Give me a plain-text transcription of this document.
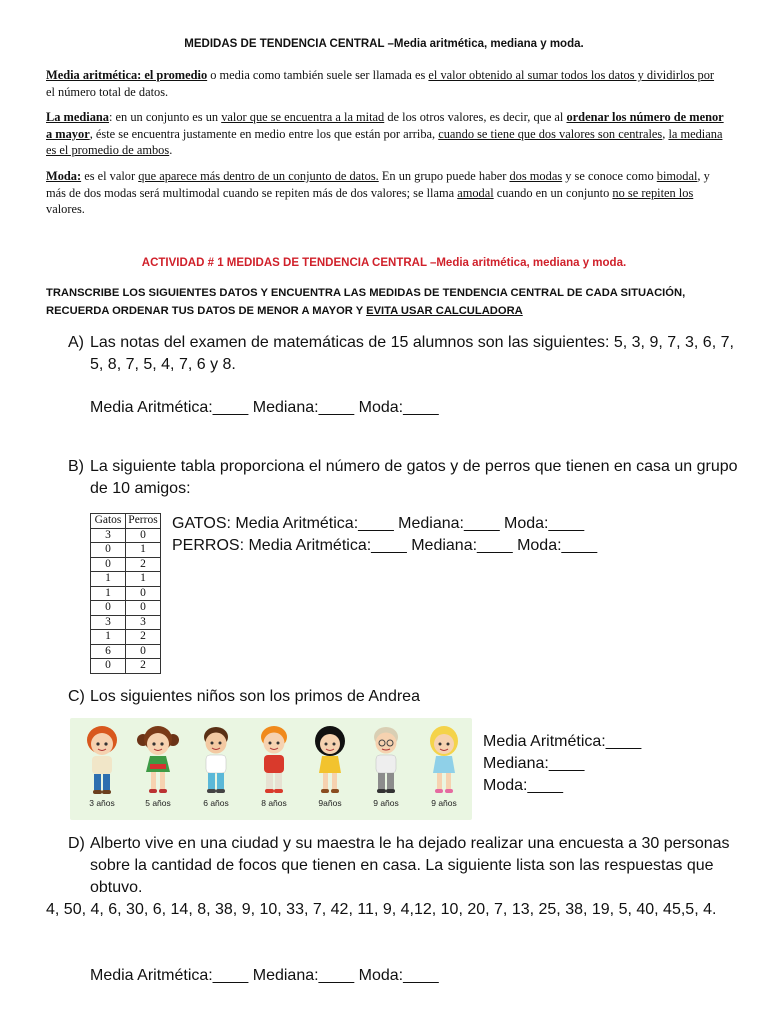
MEDIDAS DE TENDENCIA CENTRAL –Media aritmética, mediana y moda.

Media aritmética: el promedio o media como también suele ser llamada es el valor obtenido al sumar todos los datos y dividirlos por el número total de datos.

La mediana: en un conjunto es un valor que se encuentra a la mitad de los otros valores, es decir, que al ordenar los número de menor a mayor, éste se encuentra justamente en medio entre los que están por arriba, cuando se tiene que dos valores son centrales, la mediana es el promedio de ambos.

Moda: es el valor que aparece más dentro de un conjunto de datos. En un grupo puede haber dos modas y se conoce como bimodal, y más de dos modas será multimodal cuando se repiten más de dos valores; se llama amodal cuando en un conjunto no se repiten los valores.

ACTIVIDAD # 1 MEDIDAS DE TENDENCIA CENTRAL –Media aritmética, mediana y moda.
TRANSCRIBE LOS SIGUIENTES DATOS Y ENCUENTRA LAS MEDIDAS DE TENDENCIA CENTRAL DE CADA SITUACIÓN,
RECUERDA ORDENAR TUS DATOS DE MENOR A MAYOR Y EVITA USAR CALCULADORA
A) Las notas del examen de matemáticas de 15 alumnos son las siguientes: 5, 3, 9, 7, 3, 6, 7, 5, 8, 7, 5, 4, 7, 6 y 8.
Media Aritmética:____ Mediana:____ Moda:____
B) La siguiente tabla proporciona el número de gatos y de perros que tienen en casa un grupo de 10 amigos:
Gatos	Perros
3	0
0	1
0	2
1	1
1	0
0	0
3	3
1	2
6	0
0	2
GATOS: Media Aritmética:____ Mediana:____ Moda:____
PERROS: Media Aritmética:____ Mediana:____ Moda:____
C) Los siguientes niños son los primos de Andrea
3 años	5 años	6 años	8 años	9años	9 años	9 años
Media Aritmética:____
Mediana:____
Moda:____
D) Alberto vive en una ciudad y su maestra le ha dejado realizar una encuesta a 30 personas sobre la cantidad de focos que tienen en casa. La siguiente lista son las respuestas que obtuvo.
4, 50, 4, 6, 30, 6, 14, 8, 38, 9, 10, 33, 7, 42, 11, 9, 4,12, 10, 20, 7, 13, 25, 38, 19, 5, 40, 45,5, 4.
Media Aritmética:____ Mediana:____ Moda:____
